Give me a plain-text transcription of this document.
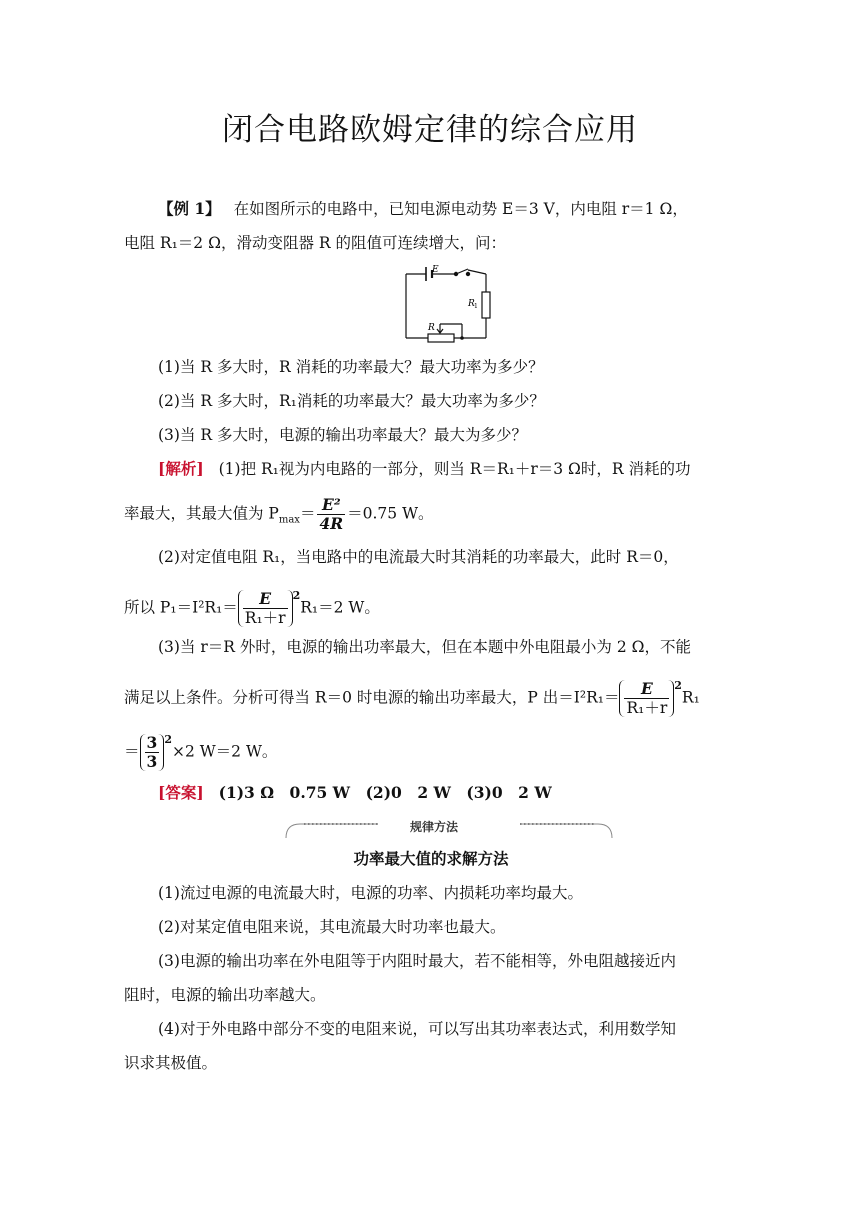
闭合电路欧姆定律的综合应用
【例 1】 在如图所示的电路中，已知电源电动势 E＝3 V，内电阻 r＝1 Ω，
电阻 R₁＝2 Ω，滑动变阻器 R 的阻值可连续增大，问：
E
R 1
R
(1)当 R 多大时，R 消耗的功率最大？最大功率为多少？
(2)当 R 多大时，R₁消耗的功率最大？最大功率为多少？
(3)当 R 多大时，电源的输出功率最大？最大为多少？
[解析] (1)把 R₁视为内电路的一部分，则当 R＝R₁＋r＝3 Ω时，R 消耗的功
率最大，其最大值为 $P_{max}= \frac{\text{E²}}{4R} =0.75$ W。
(2)对定值电阻 R₁，当电路中的电流最大时其消耗的功率最大，此时 R＝0，
所以 $P_1=I^2R_1= \frac{E}{\text{R₁＋r}} ^2R_1=2$ W。
(3)当 r＝R 外时，电源的输出功率最大，但在本题中外电阻最小为 2 Ω，不能
满足以上条件。分析可得当 R＝0 时电源的输出功率最大，P 出$=I^2R_1= \frac{E}{\text{R₁＋r}} ^2R_1$
＝ $\frac{3}{3} ^2\times 2$ W＝2 W。
[答案] (1)3 Ω　0.75 W　(2)0　2 W　(3)0　2 W
规律方法
功率最大值的求解方法
(1)流过电源的电流最大时，电源的功率、内损耗功率均最大。
(2)对某定值电阻来说，其电流最大时功率也最大。
(3)电源的输出功率在外电阻等于内阻时最大，若不能相等，外电阻越接近内
阻时，电源的输出功率越大。
(4)对于外电路中部分不变的电阻来说，可以写出其功率表达式，利用数学知
识求其极值。
